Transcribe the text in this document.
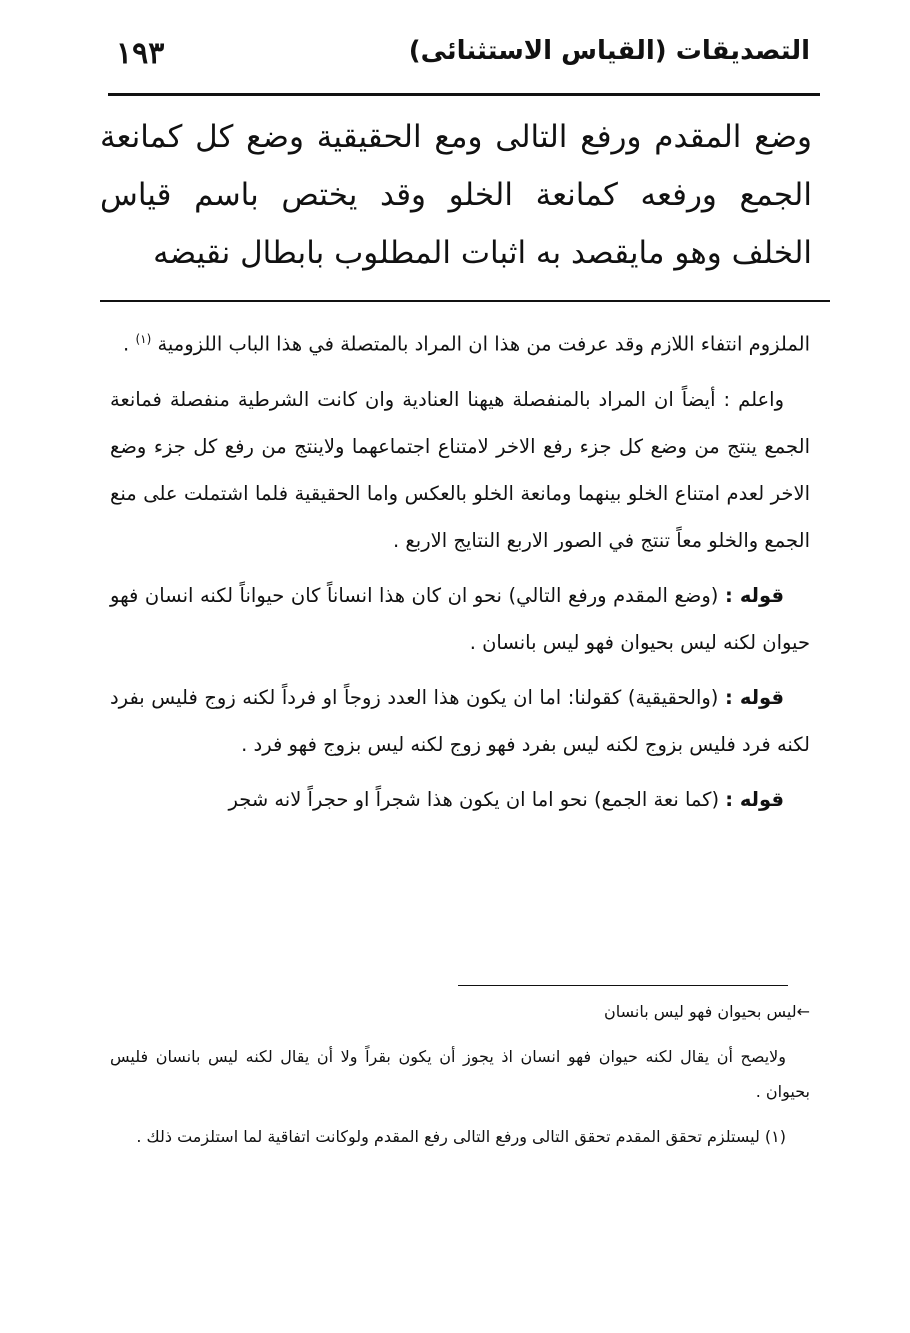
١٩٣	التصديقات (القياس الاستثنائى)
وضع المقدم ورفع التالى ومع الحقيقية وضع كل كمانعة الجمع ورفعه كمانعة الخلو وقد يختص باسم قياس الخلف وهو مايقصد به اثبات المطلوب بابطال نقيضه

الملزوم انتفاء اللازم وقد عرفت من هذا ان المراد بالمتصلة في هذا الباب اللزومية $^{(١)}$ .

واعلم : أيضاً ان المراد بالمنفصلة هيهنا العنادية وان كانت الشرطية منفصلة فمانعة الجمع ينتج من وضع كل جزء رفع الاخر لامتناع اجتماعهما ولاينتج من رفع كل جزء وضع الاخر لعدم امتناع الخلو بينهما ومانعة الخلو بالعكس واما الحقيقية فلما اشتملت على منع الجمع والخلو معاً تنتج في الصور الاربع النتايج الاربع .

قوله : (وضع المقدم ورفع التالي) نحو ان كان هذا انساناً كان حيواناً لكنه انسان فهو حيوان لكنه ليس بحيوان فهو ليس بانسان .

قوله : (والحقيقية) كقولنا: اما ان يكون هذا العدد زوجاً او فرداً لكنه زوج فليس بفرد لكنه فرد فليس بزوج لكنه ليس بفرد فهو زوج لكنه ليس بزوج فهو فرد .

قوله : (كما نعة الجمع) نحو اما ان يكون هذا شجراً او حجراً لانه شجر

←ليس بحيوان فهو ليس بانسان

ولايصح أن يقال لكنه حيوان فهو انسان اذ يجوز أن يكون بقراً ولا أن يقال لكنه ليس بانسان فليس بحيوان .

(١) ليستلزم تحقق المقدم تحقق التالى ورفع التالى رفع المقدم ولوكانت اتفاقية لما استلزمت ذلك .
